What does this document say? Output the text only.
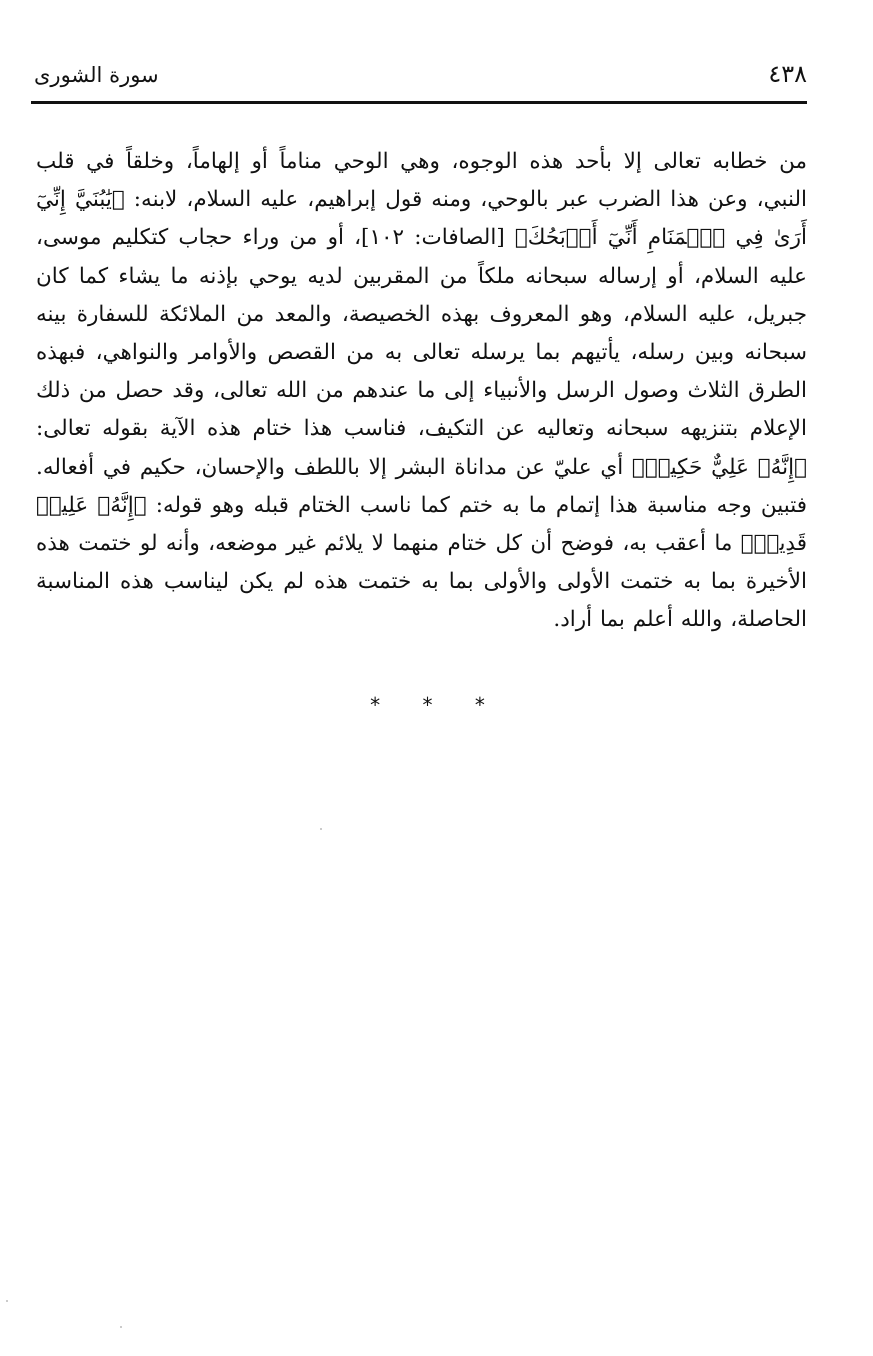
٤٣٨
سورة الشورى

من خطابه تعالى إلا بأحد هذه الوجوه، وهي الوحي مناماً أو إلهاماً، وخلقاً في قلب النبي، وعن هذا الضرب عبر بالوحي، ومنه قول إبراهيم، عليه السلام، لابنه: ﴿يَٰبُنَيَّ إِنِّيٓ أَرَىٰ فِي ٱلۡمَنَامِ أَنِّيٓ أَذۡبَحُكَ﴾ [الصافات: ١٠٢]، أو من وراء حجاب كتكليم موسى، عليه السلام، أو إرساله سبحانه ملكاً من المقربين لديه يوحي بإذنه ما يشاء كما كان جبريل، عليه السلام، وهو المعروف بهذه الخصيصة، والمعد من الملائكة للسفارة بينه سبحانه وبين رسله، يأتيهم بما يرسله تعالى به من القصص والأوامر والنواهي، فبهذه الطرق الثلاث وصول الرسل والأنبياء إلى ما عندهم من الله تعالى، وقد حصل من ذلك الإعلام بتنزيهه سبحانه وتعاليه عن التكيف، فناسب هذا ختام هذه الآية بقوله تعالى: ﴿إِنَّهُۥ عَلِيٌّ حَكِيمٞ﴾ أي عليّ عن مداناة البشر إلا باللطف والإحسان، حكيم في أفعاله. فتبين وجه مناسبة هذا إتمام ما به ختم كما ناسب الختام قبله وهو قوله: ﴿إِنَّهُۥ عَلِيمٞ قَدِيرٞ﴾ ما أعقب به، فوضح أن كل ختام منهما لا يلائم غير موضعه، وأنه لو ختمت هذه الأخيرة بما به ختمت الأولى والأولى بما به ختمت هذه لم يكن ليناسب هذه المناسبة الحاصلة، والله أعلم بما أراد.

* * *
